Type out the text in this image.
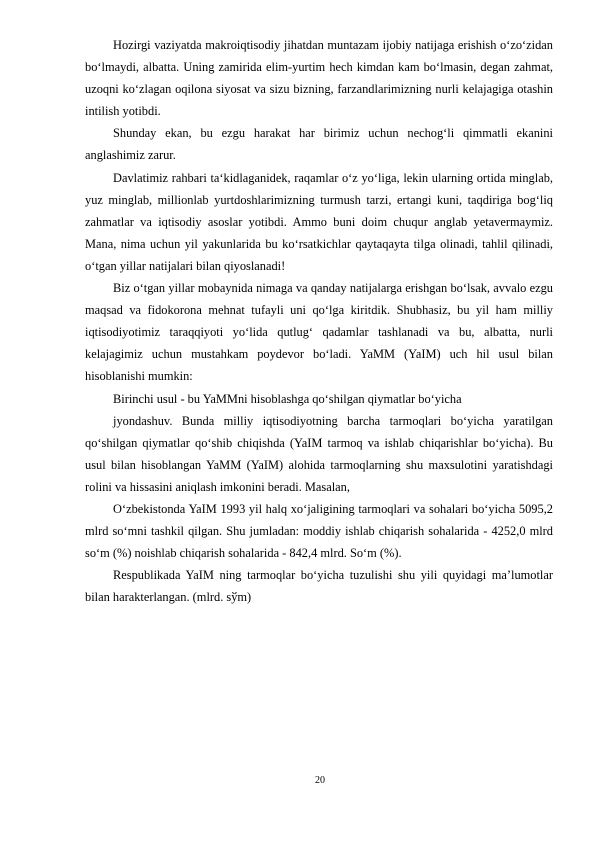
Hozirgi vaziyatda makroiqtisodiy jihatdan muntazam ijobiy natijaga erishish o‘zo‘zidan bo‘lmaydi, albatta. Uning zamirida elim-yurtim hech kimdan kam bo‘lmasin, degan zahmat, uzoqni ko‘zlagan oqilona siyosat va sizu bizning, farzandlarimizning nurli kelajagiga otashin intilish yotibdi.

Shunday ekan, bu ezgu harakat har birimiz uchun nechog‘li qimmatli ekanini anglashimiz zarur.

Davlatimiz rahbari ta‘kidlaganidek, raqamlar o‘z yo‘liga, lekin ularning ortida minglab, yuz minglab, millionlab yurtdoshlarimizning turmush tarzi, ertangi kuni, taqdiriga bog‘liq zahmatlar va iqtisodiy asoslar yotibdi. Ammo buni doim chuqur anglab yetavermaymiz. Mana, nima uchun yil yakunlarida bu ko‘rsatkichlar qaytaqayta tilga olinadi, tahlil qilinadi, o‘tgan yillar natijalari bilan qiyoslanadi!

Biz o‘tgan yillar mobaynida nimaga va qanday natijalarga erishgan bo‘lsak, avvalo ezgu maqsad va fidokorona mehnat tufayli uni qo‘lga kiritdik. Shubhasiz, bu yil ham milliy iqtisodiyotimiz taraqqiyoti yo‘lida qutlug‘ qadamlar tashlanadi va bu, albatta, nurli kelajagimiz uchun mustahkam poydevor bo‘ladi. YaMM (YaIM) uch hil usul bilan hisoblanishi mumkin:

Birinchi usul - bu YaMMni hisoblashga qo‘shilgan qiymatlar bo‘yicha

jyondashuv. Bunda milliy iqtisodiyotning barcha tarmoqlari bo‘yicha yaratilgan qo‘shilgan qiymatlar qo‘shib chiqishda (YaIM tarmoq va ishlab chiqarishlar bo‘yicha). Bu usul bilan hisoblangan YaMM (YaIM) alohida tarmoqlarning shu maxsulotini yaratishdagi rolini va hissasini aniqlash imkonini beradi. Masalan,

O‘zbekistonda YaIM 1993 yil halq xo‘jaligining tarmoqlari va sohalari bo‘yicha 5095,2 mlrd so‘mni tashkil qilgan. Shu jumladan: moddiy ishlab chiqarish sohalarida - 4252,0 mlrd so‘m (%) noishlab chiqarish sohalarida - 842,4 mlrd. So‘m (%).

Respublikada YaIM ning tarmoqlar bo‘yicha tuzulishi shu yili quyidagi ma’lumotlar bilan harakterlangan. (mlrd. sўm)

20
